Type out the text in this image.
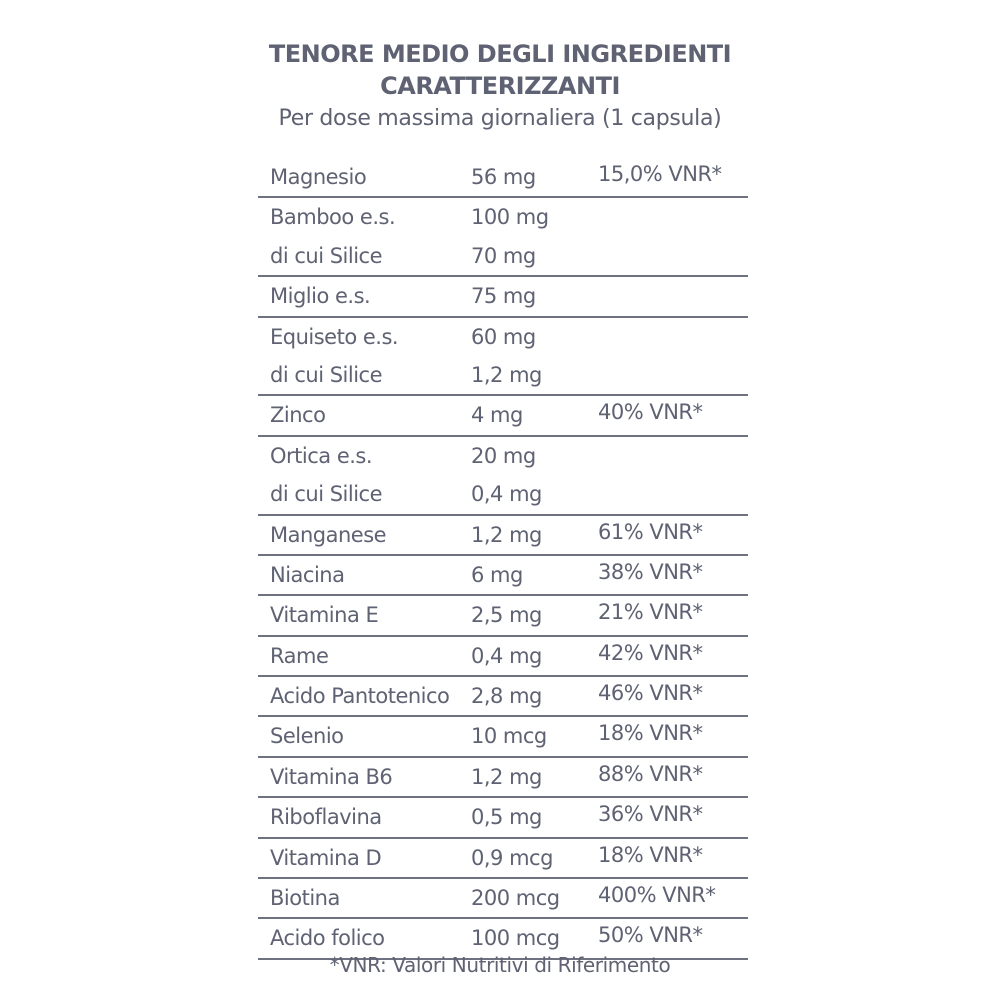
TENORE MEDIO DEGLI INGREDIENTI
CARATTERIZZANTI
Per dose massima giornaliera (1 capsula)
Magnesio	56 mg	15,0% VNR*
Bamboo e.s.	100 mg
di cui Silice	70 mg
Miglio e.s.	75 mg
Equiseto e.s.	60 mg
di cui Silice	1,2 mg
Zinco	4 mg	40% VNR*
Ortica e.s.	20 mg
di cui Silice	0,4 mg
Manganese	1,2 mg	61% VNR*
Niacina	6 mg	38% VNR*
Vitamina E	2,5 mg	21% VNR*
Rame	0,4 mg	42% VNR*
Acido Pantotenico 2,8 mg	46% VNR*
Selenio	10 mcg 18% VNR*
Vitamina B6	1,2 mg	88% VNR*
Riboflavina	0,5 mg	36% VNR*
Vitamina D	0,9 mcg 18% VNR*
Biotina	200 mcg 400% VNR*
Acido folico	100 mcg 50% VNR*
*VNR: Valori Nutritivi di Riferimento
